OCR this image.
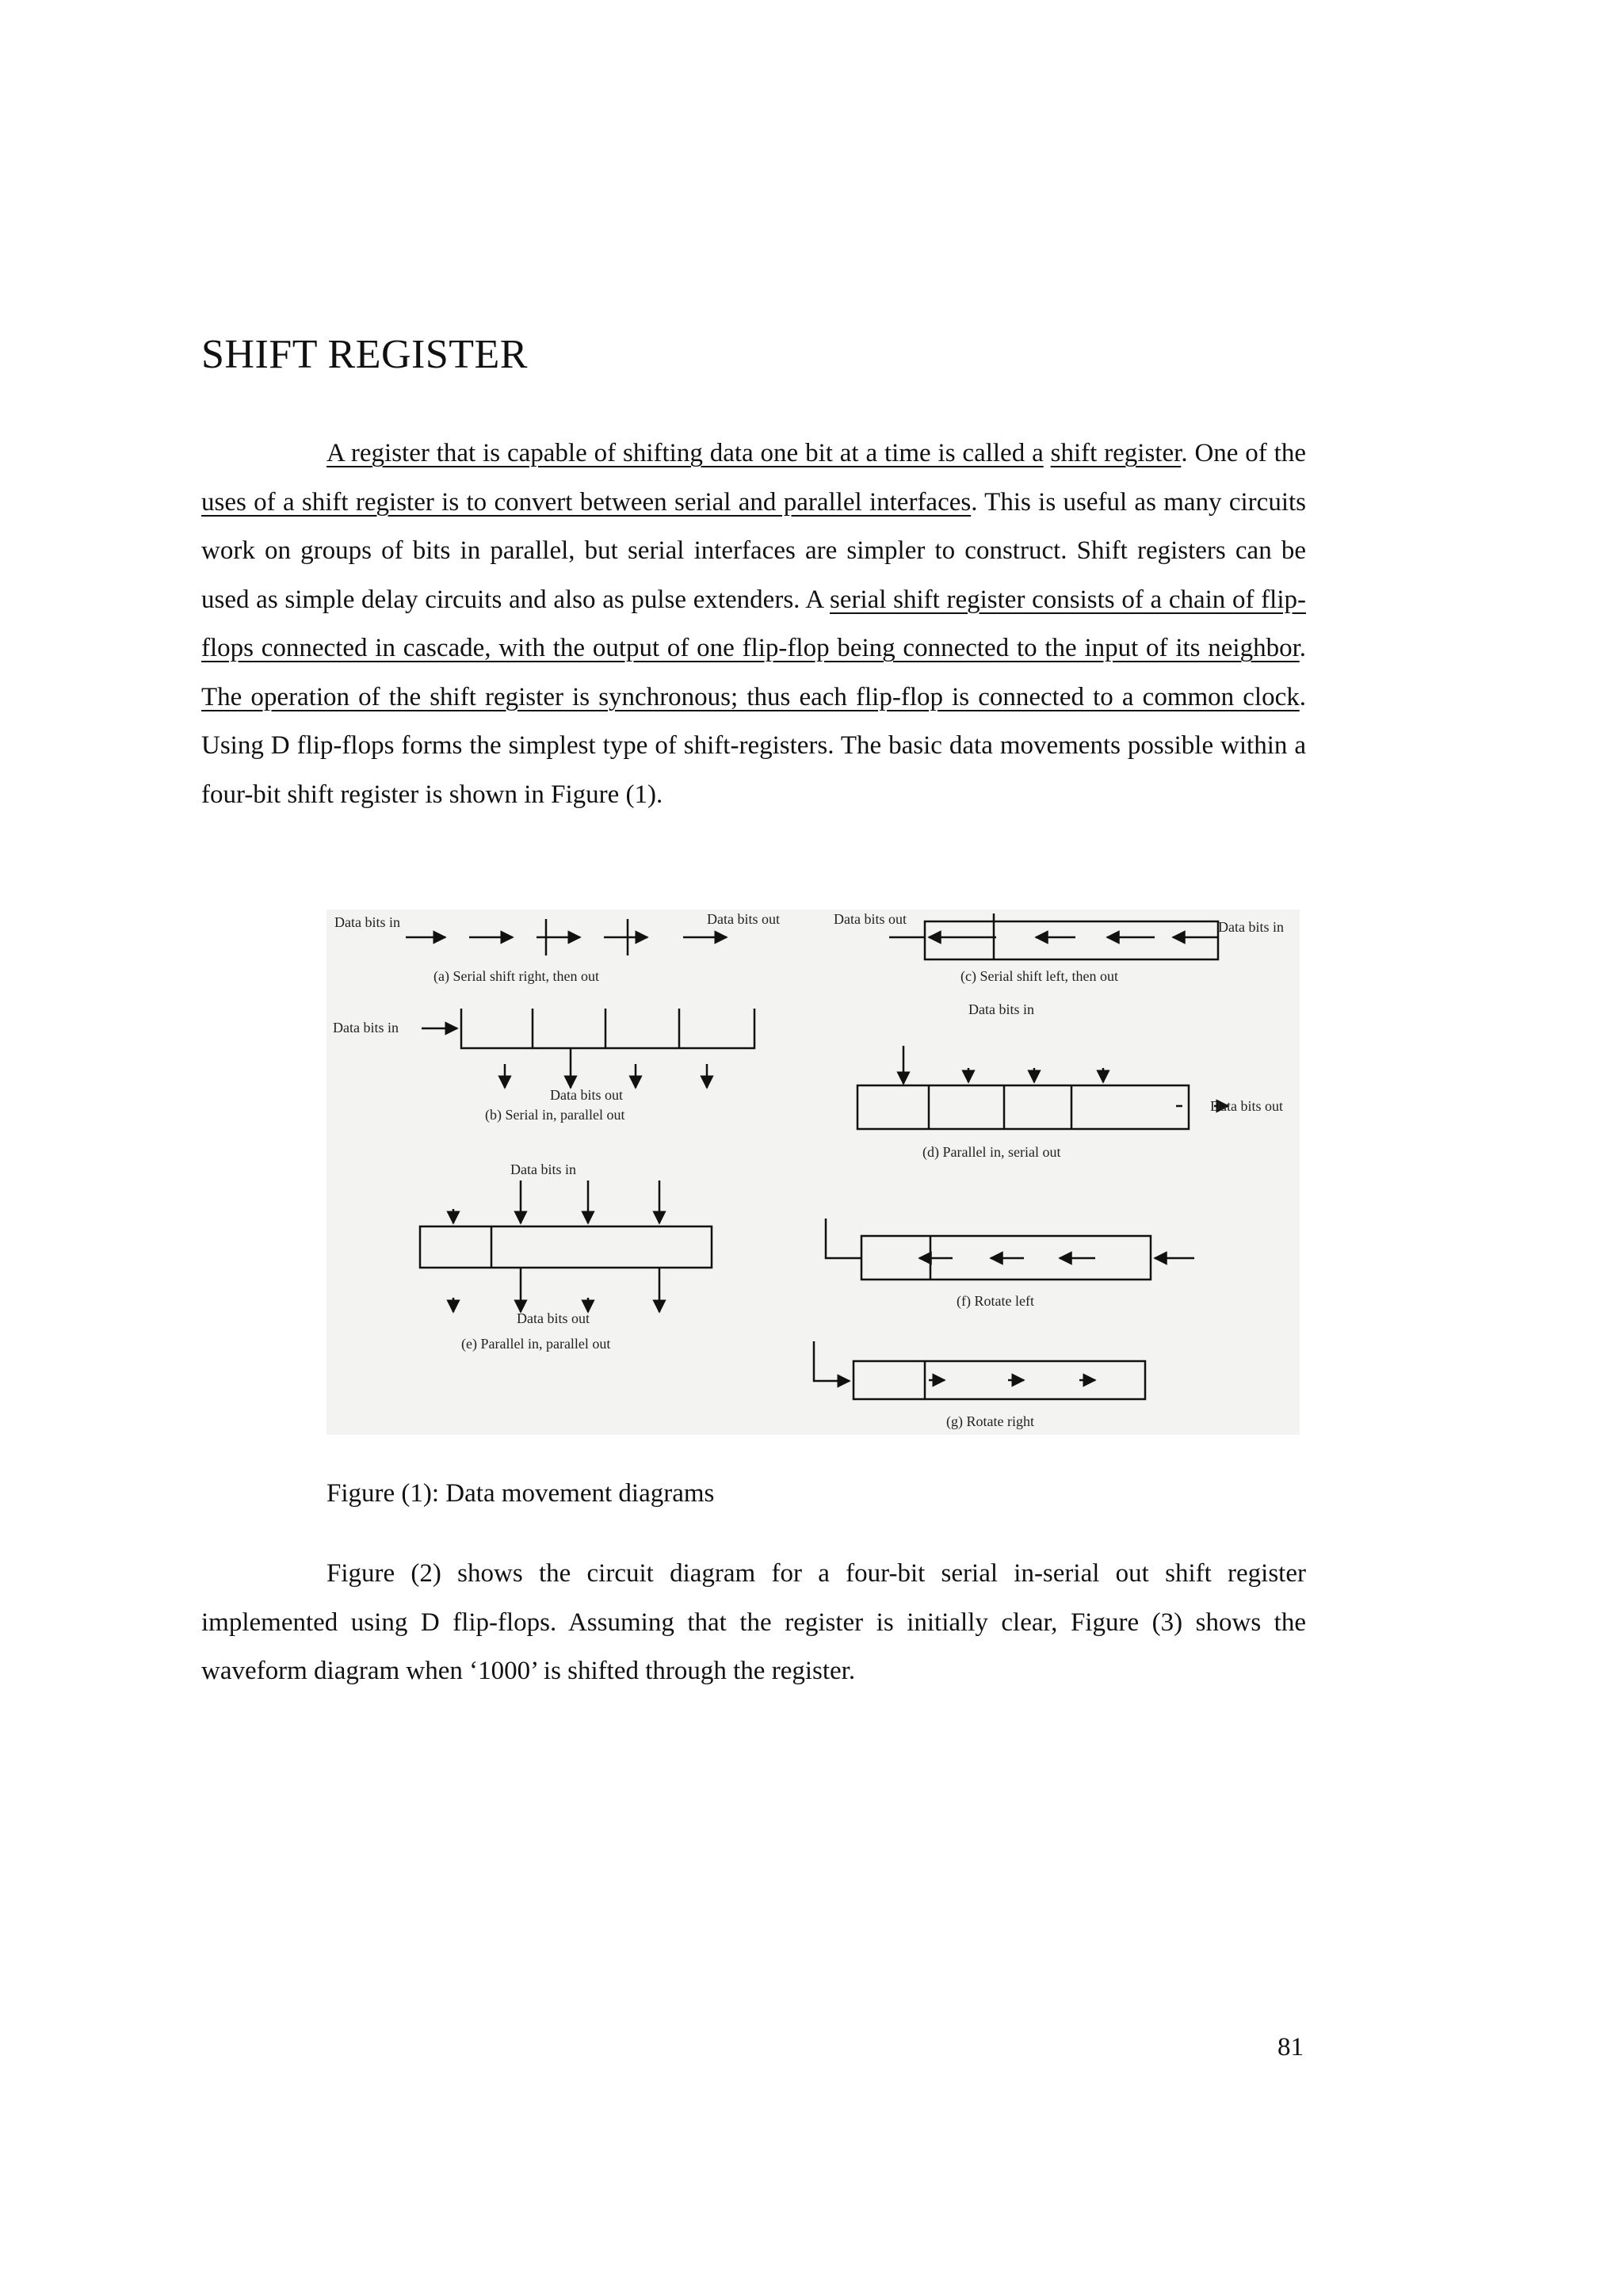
SHIFT REGISTER

A register that is capable of shifting data one bit at a time is called a shift register. One of the uses of a shift register is to convert between serial and parallel interfaces. This is useful as many circuits work on groups of bits in parallel, but serial interfaces are simpler to construct. Shift registers can be used as simple delay circuits and also as pulse extenders. A serial shift register consists of a chain of flip-flops connected in cascade, with the output of one flip-flop being connected to the input of its neighbor. The operation of the shift register is synchronous; thus each flip-flop is connected to a common clock. Using D flip-flops forms the simplest type of shift-registers. The basic data movements possible within a four-bit shift register is shown in Figure (1).

Data bits in	Data bits out
(a) Serial shift right, then out
Data bits out	Data bits in
(c) Serial shift left, then out
Data bits in
Data bits out
(b) Serial in, parallel out
Data bits in
Data bits out
(d) Parallel in, serial out
Data bits in
Data bits out
(e) Parallel in, parallel out
(f) Rotate left
(g) Rotate right

Figure (1): Data movement diagrams

Figure (2) shows the circuit diagram for a four-bit serial in-serial out shift register implemented using D flip-flops. Assuming that the register is initially clear, Figure (3) shows the waveform diagram when ‘1000’ is shifted through the register.

81
